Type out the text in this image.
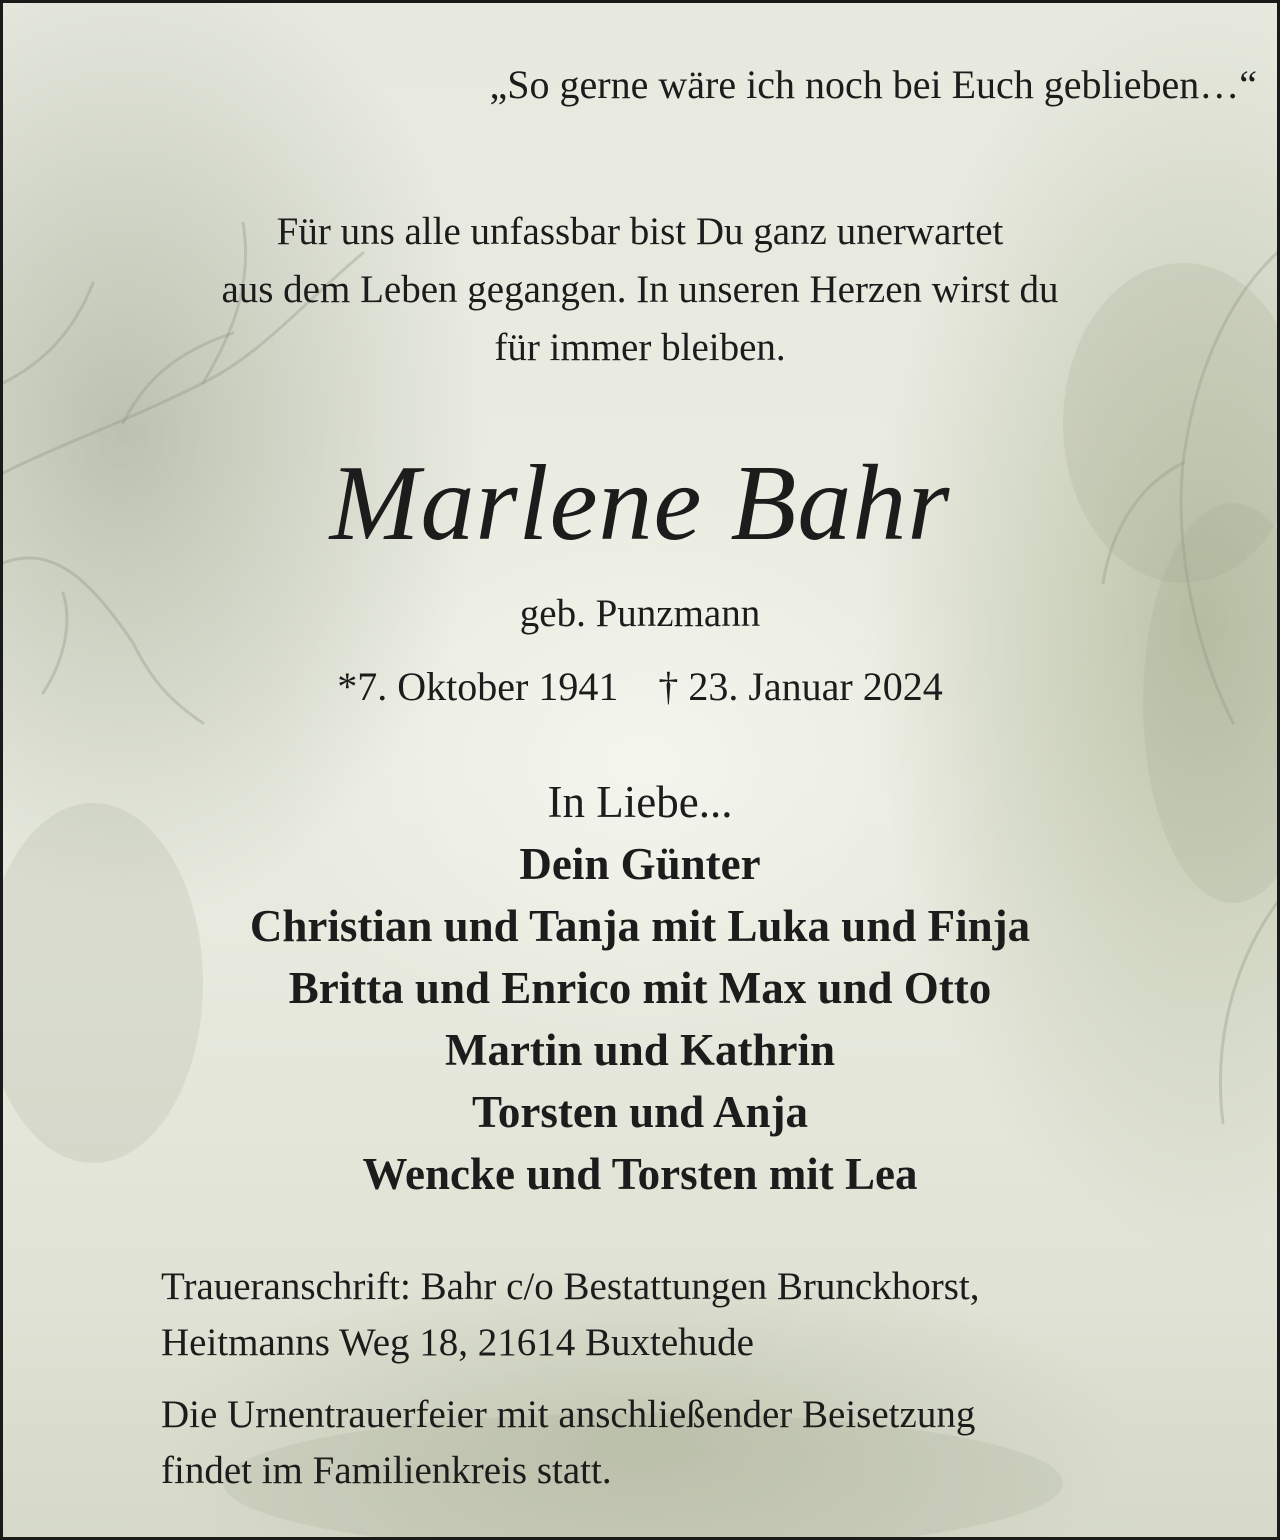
„So gerne wäre ich noch bei Euch geblieben…“

Für uns alle unfassbar bist Du ganz unerwartet
aus dem Leben gegangen. In unseren Herzen wirst du
für immer bleiben.

Marlene Bahr

geb. Punzmann

*7. Oktober 1941 † 23. Januar 2024

In Liebe...

Dein Günter
Christian und Tanja mit Luka und Finja
Britta und Enrico mit Max und Otto
Martin und Kathrin
Torsten und Anja
Wencke und Torsten mit Lea

Traueranschrift: Bahr c/o Bestattungen Brunckhorst,
Heitmanns Weg 18, 21614 Buxtehude

Die Urnentrauerfeier mit anschließender Beisetzung
findet im Familienkreis statt.
